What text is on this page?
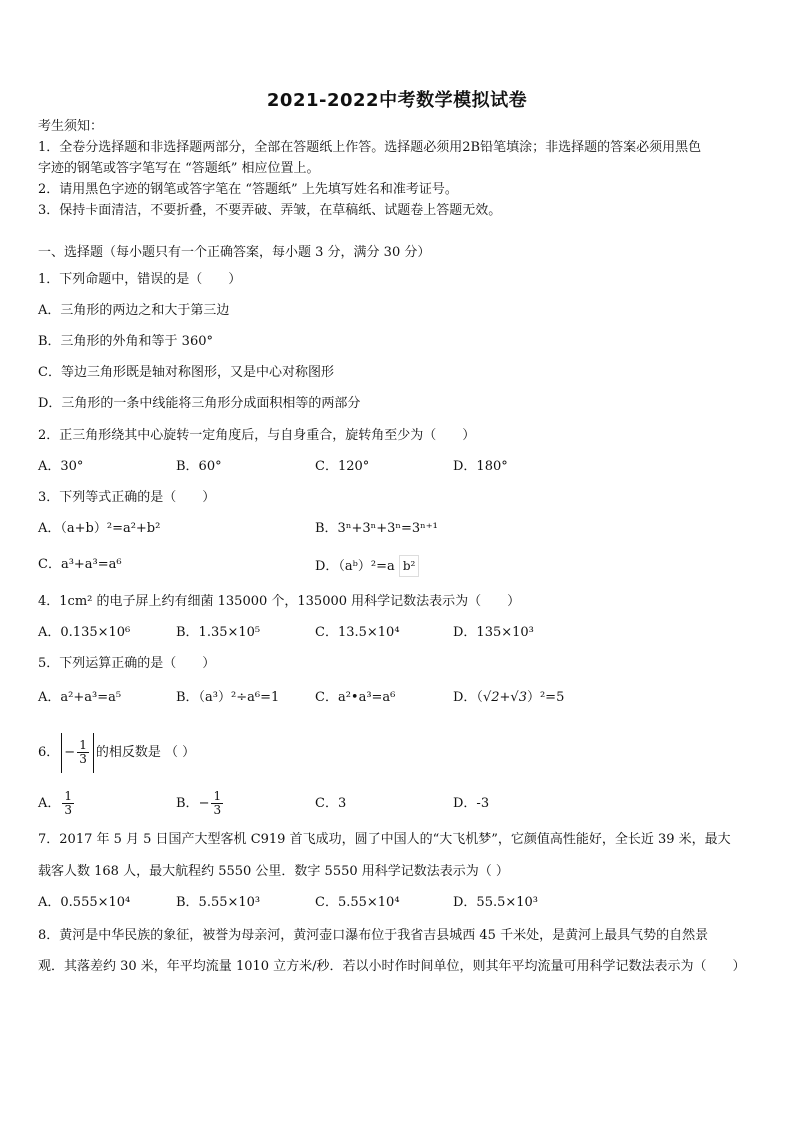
2021-2022中考数学模拟试卷
考生须知：
1．全卷分选择题和非选择题两部分，全部在答题纸上作答。选择题必须用2B铅笔填涂；非选择题的答案必须用黑色
字迹的钢笔或答字笔写在 “答题纸” 相应位置上。
2．请用黑色字迹的钢笔或答字笔在 “答题纸” 上先填写姓名和准考证号。
3．保持卡面清洁，不要折叠，不要弄破、弄皱，在草稿纸、试题卷上答题无效。
一、选择题（每小题只有一个正确答案，每小题 3 分，满分 30 分）
1．下列命题中，错误的是（　　）
A．三角形的两边之和大于第三边
B．三角形的外角和等于 360°
C．等边三角形既是轴对称图形，又是中心对称图形
D．三角形的一条中线能将三角形分成面积相等的两部分
2．正三角形绕其中心旋转一定角度后，与自身重合，旋转角至少为（　　）
A．30°	B．60°	C．120°	D．180°
3．下列等式正确的是（　　）
A．（a+b）²=a²+b²	B．3ⁿ+3ⁿ+3ⁿ=3ⁿ⁺¹
C．a³+a³=a⁶	D．（aᵇ）²=a b²
4．1cm² 的电子屏上约有细菌 135000 个，135000 用科学记数法表示为（　　）
A．0.135×10⁶	B．1.35×10⁵	C．13.5×10⁴	D．135×10³
5．下列运算正确的是（　　）
A．a²+a³=a⁵	B．（a³）²÷a⁶=1	C．a²•a³=a⁶	D．（√2+√3）²=5
6． − $\frac{1}{3}$ 的相反数是 （ ）
A． $\frac{1}{3}$	B．− $\frac{1}{3}$	C．3	D．-3
7．2017 年 5 月 5 日国产大型客机 C919 首飞成功，圆了中国人的“大飞机梦”，它颜值高性能好，全长近 39 米，最大
载客人数 168 人，最大航程约 5550 公里．数字 5550 用科学记数法表示为（ ）
A．0.555×10⁴	B．5.55×10³	C．5.55×10⁴	D．55.5×10³
8．黄河是中华民族的象征，被誉为母亲河，黄河壶口瀑布位于我省吉县城西 45 千米处，是黄河上最具气势的自然景
观．其落差约 30 米，年平均流量 1010 立方米/秒．若以小时作时间单位，则其年平均流量可用科学记数法表示为（　　）
